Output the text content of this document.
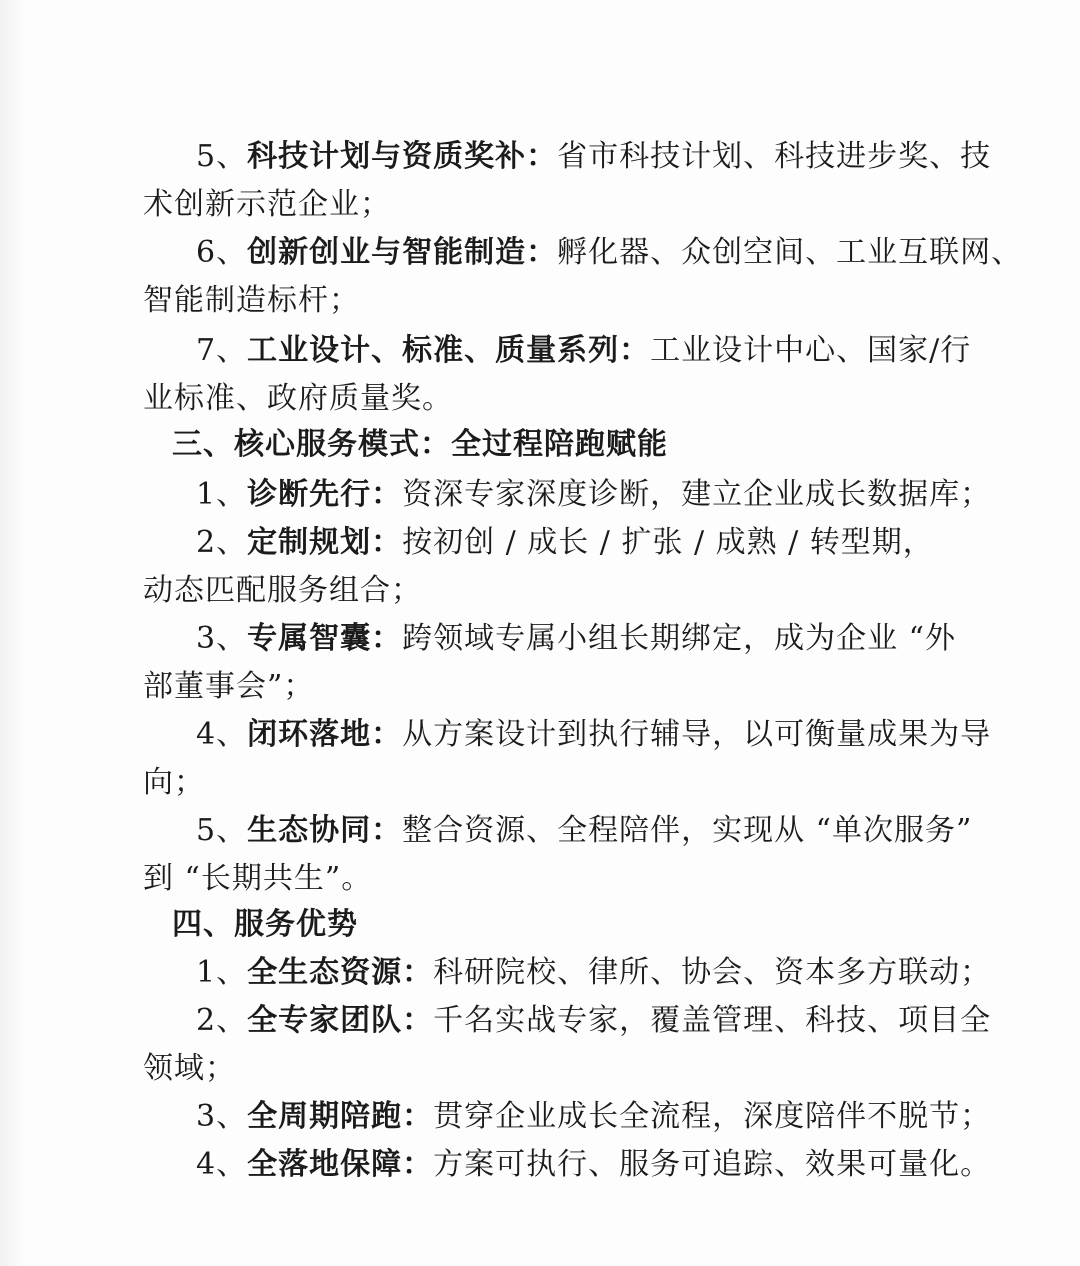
5、科技计划与资质奖补：省市科技计划、科技进步奖、技
术创新示范企业；
6、创新创业与智能制造：孵化器、众创空间、工业互联网、
智能制造标杆；
7、工业设计、标准、质量系列：工业设计中心、国家/行
业标准、政府质量奖。
三、核心服务模式：全过程陪跑赋能
1、诊断先行：资深专家深度诊断，建立企业成长数据库；
2、定制规划：按初创 / 成长 / 扩张 / 成熟 / 转型期，
动态匹配服务组合；
3、专属智囊：跨领域专属小组长期绑定，成为企业 “外
部董事会”；
4、闭环落地：从方案设计到执行辅导，以可衡量成果为导
向；
5、生态协同：整合资源、全程陪伴，实现从 “单次服务”
到 “长期共生”。
四、服务优势
1、全生态资源：科研院校、律所、协会、资本多方联动；
2、全专家团队：千名实战专家，覆盖管理、科技、项目全
领域；
3、全周期陪跑：贯穿企业成长全流程，深度陪伴不脱节；
4、全落地保障：方案可执行、服务可追踪、效果可量化。
